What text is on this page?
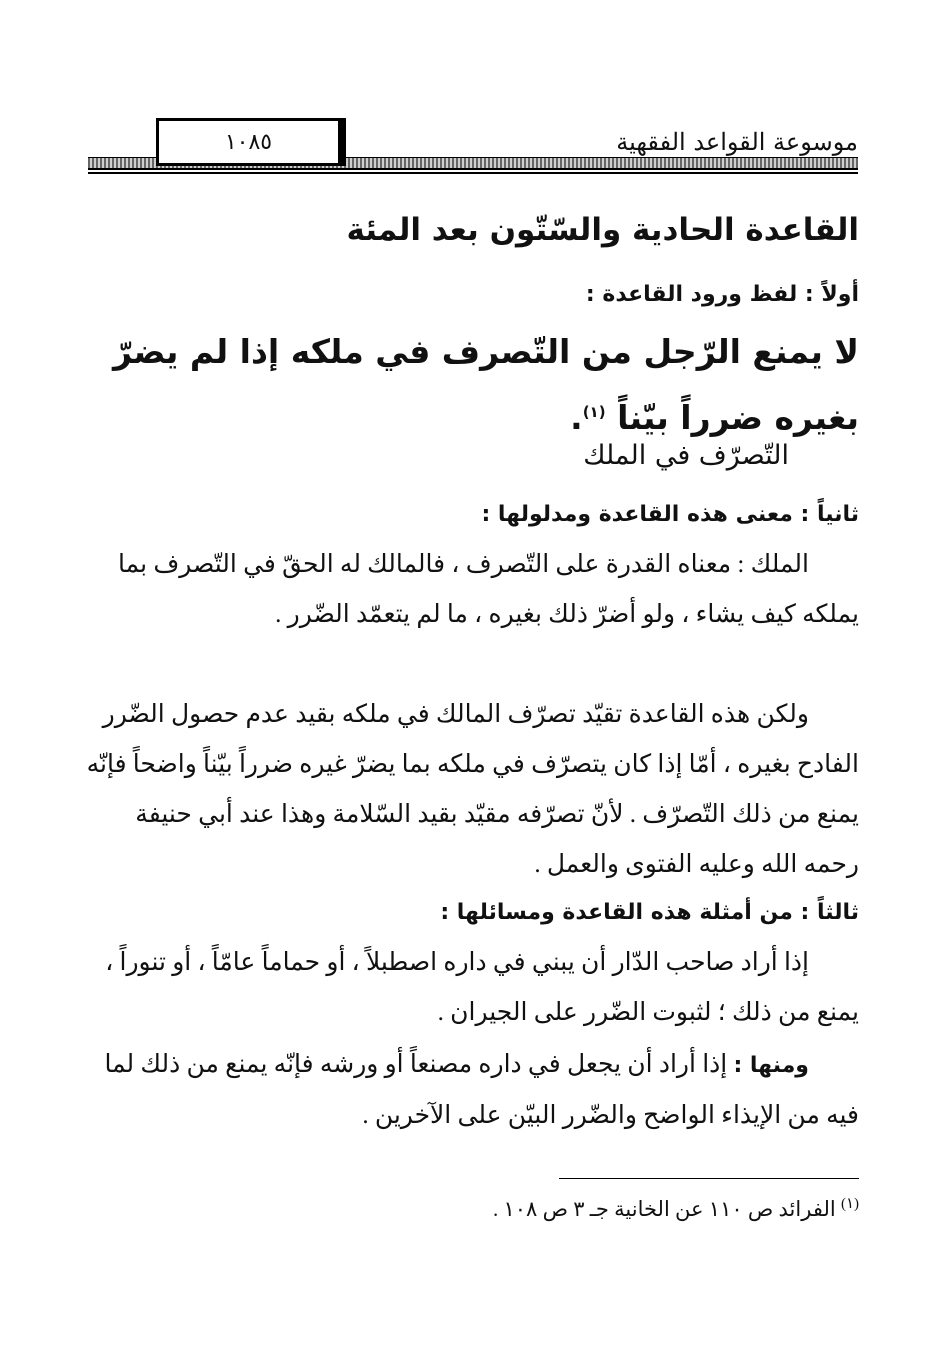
موسوعة القواعد الفقهية
١٠٨٥
القاعدة الحادية والسّتّون بعد المئة
أولاً : لفظ ورود القاعدة :
لا يمنع الرّجل من التّصرف في ملكه إذا لم يضرّ
بغيره ضرراً بيّناً $^{(١)}$.
التّصرّف في الملك
ثانياً : معنى هذه القاعدة ومدلولها :
الملك : معناه القدرة على التّصرف ، فالمالك له الحقّ في التّصرف بما يملكه كيف يشاء ، ولو أضرّ ذلك بغيره ، ما لم يتعمّد الضّرر .
ولكن هذه القاعدة تقيّد تصرّف المالك في ملكه بقيد عدم حصول الضّرر الفادح بغيره ، أمّا إذا كان يتصرّف في ملكه بما يضرّ غيره ضرراً بيّناً واضحاً فإنّه يمنع من ذلك التّصرّف . لأنّ تصرّفه مقيّد بقيد السّلامة وهذا عند أبي حنيفة رحمه الله وعليه الفتوى والعمل .
ثالثاً : من أمثلة هذه القاعدة ومسائلها :
إذا أراد صاحب الدّار أن يبني في داره اصطبلاً ، أو حماماً عامّاً ، أو تنوراً ، يمنع من ذلك ؛ لثبوت الضّرر على الجيران .
ومنها : إذا أراد أن يجعل في داره مصنعاً أو ورشه فإنّه يمنع من ذلك لما فيه من الإيذاء الواضح والضّرر البيّن على الآخرين .
$^{(١)}$ الفرائد ص ١١٠ عن الخانية جـ ٣ ص ١٠٨ .
